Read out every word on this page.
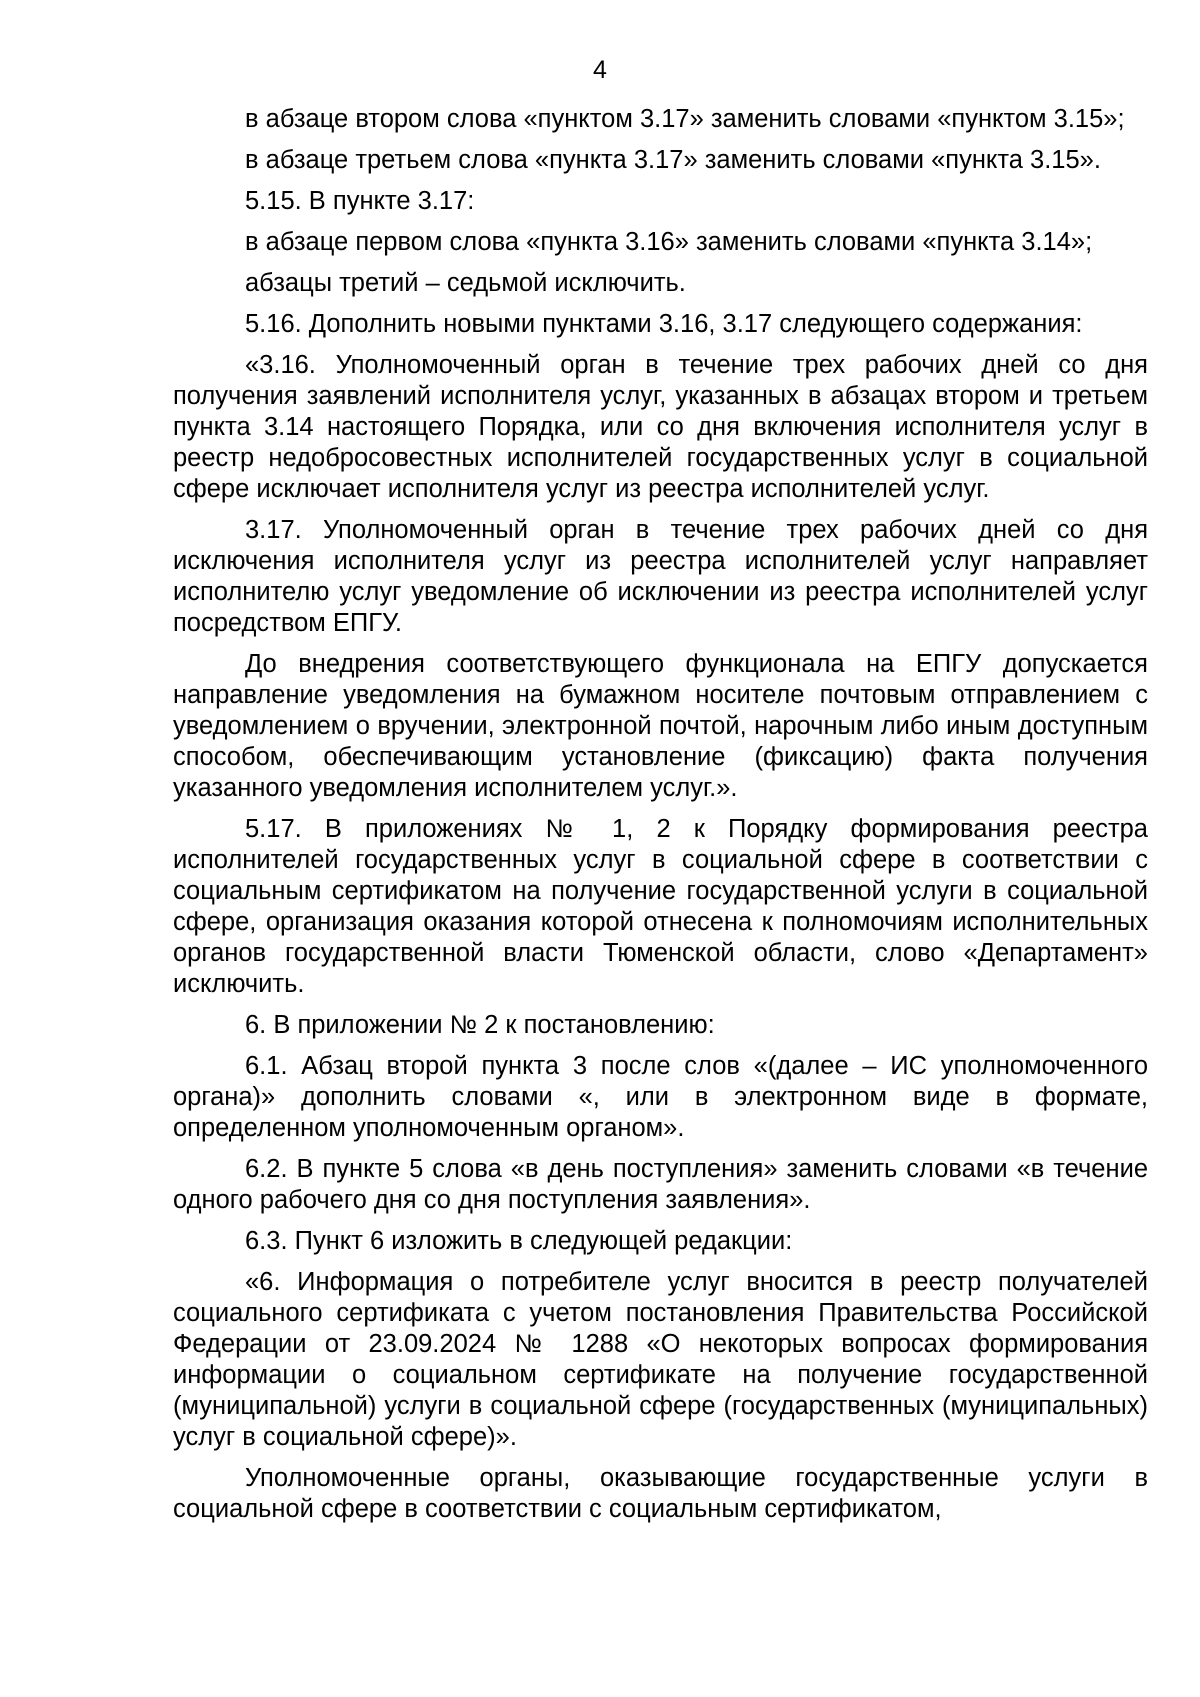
4

в абзаце втором слова «пунктом 3.17» заменить словами «пунктом 3.15»;

в абзаце третьем слова «пункта 3.17» заменить словами «пункта 3.15».

5.15. В пункте 3.17:

в абзаце первом слова «пункта 3.16» заменить словами «пункта 3.14»;

абзацы третий – седьмой исключить.

5.16. Дополнить новыми пунктами 3.16, 3.17 следующего содержания:

«3.16. Уполномоченный орган в течение трех рабочих дней со дня получения заявлений исполнителя услуг, указанных в абзацах втором и третьем пункта 3.14 настоящего Порядка, или со дня включения исполнителя услуг в реестр недобросовестных исполнителей государственных услуг в социальной сфере исключает исполнителя услуг из реестра исполнителей услуг.

3.17. Уполномоченный орган в течение трех рабочих дней со дня исключения исполнителя услуг из реестра исполнителей услуг направляет исполнителю услуг уведомление об исключении из реестра исполнителей услуг посредством ЕПГУ.

До внедрения соответствующего функционала на ЕПГУ допускается направление уведомления на бумажном носителе почтовым отправлением с уведомлением о вручении, электронной почтой, нарочным либо иным доступным способом, обеспечивающим установление (фиксацию) факта получения указанного уведомления исполнителем услуг.».

5.17. В приложениях № 1, 2 к Порядку формирования реестра исполнителей государственных услуг в социальной сфере в соответствии с социальным сертификатом на получение государственной услуги в социальной сфере, организация оказания которой отнесена к полномочиям исполнительных органов государственной власти Тюменской области, слово «Департамент» исключить.

6. В приложении № 2 к постановлению:

6.1. Абзац второй пункта 3 после слов «(далее – ИС уполномоченного органа)» дополнить словами «, или в электронном виде в формате, определенном уполномоченным органом».

6.2. В пункте 5 слова «в день поступления» заменить словами «в течение одного рабочего дня со дня поступления заявления».

6.3. Пункт 6 изложить в следующей редакции:

«6. Информация о потребителе услуг вносится в реестр получателей социального сертификата с учетом постановления Правительства Российской Федерации от 23.09.2024 № 1288 «О некоторых вопросах формирования информации о социальном сертификате на получение государственной (муниципальной) услуги в социальной сфере (государственных (муниципальных) услуг в социальной сфере)».

Уполномоченные органы, оказывающие государственные услуги в социальной сфере в соответствии с социальным сертификатом,
